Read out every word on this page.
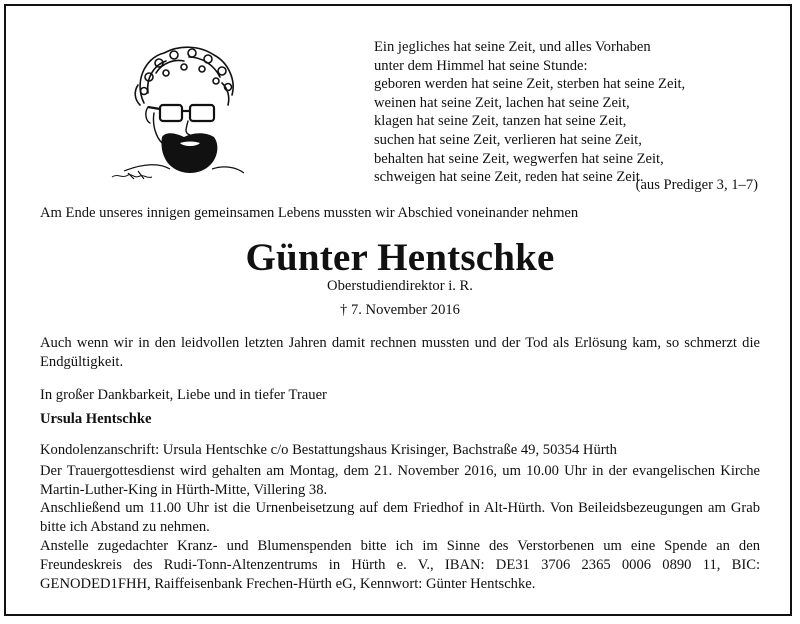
Ein jegliches hat seine Zeit, und alles Vorhaben
unter dem Himmel hat seine Stunde:
geboren werden hat seine Zeit, sterben hat seine Zeit,
weinen hat seine Zeit, lachen hat seine Zeit,
klagen hat seine Zeit, tanzen hat seine Zeit,
suchen hat seine Zeit, verlieren hat seine Zeit,
behalten hat seine Zeit, wegwerfen hat seine Zeit,
schweigen hat seine Zeit, reden hat seine Zeit.
(aus Prediger 3, 1–7)
Am Ende unseres innigen gemeinsamen Lebens mussten wir Abschied voneinander nehmen
Günter Hentschke
Oberstudiendirektor i. R.
† 7. November 2016
Auch wenn wir in den leidvollen letzten Jahren damit rechnen mussten und der Tod als Erlösung kam, so schmerzt die Endgültigkeit.
In großer Dankbarkeit, Liebe und in tiefer Trauer
Ursula Hentschke
Kondolenzanschrift: Ursula Hentschke c/o Bestattungshaus Krisinger, Bachstraße 49, 50354 Hürth
Der Trauergottesdienst wird gehalten am Montag, dem 21. November 2016, um 10.00 Uhr in der evangelischen Kirche Martin-Luther-King in Hürth-Mitte, Villering 38.
Anschließend um 11.00 Uhr ist die Urnenbeisetzung auf dem Friedhof in Alt-Hürth. Von Beileidsbezeugungen am Grab bitte ich Abstand zu nehmen.
Anstelle zugedachter Kranz- und Blumenspenden bitte ich im Sinne des Verstorbenen um eine Spende an den Freundeskreis des Rudi-Tonn-Altenzentrums in Hürth e. V., IBAN: DE31 3706 2365 0006 0890 11, BIC: GENODED1FHH, Raiffeisenbank Frechen-Hürth eG, Kennwort: Günter Hentschke.
